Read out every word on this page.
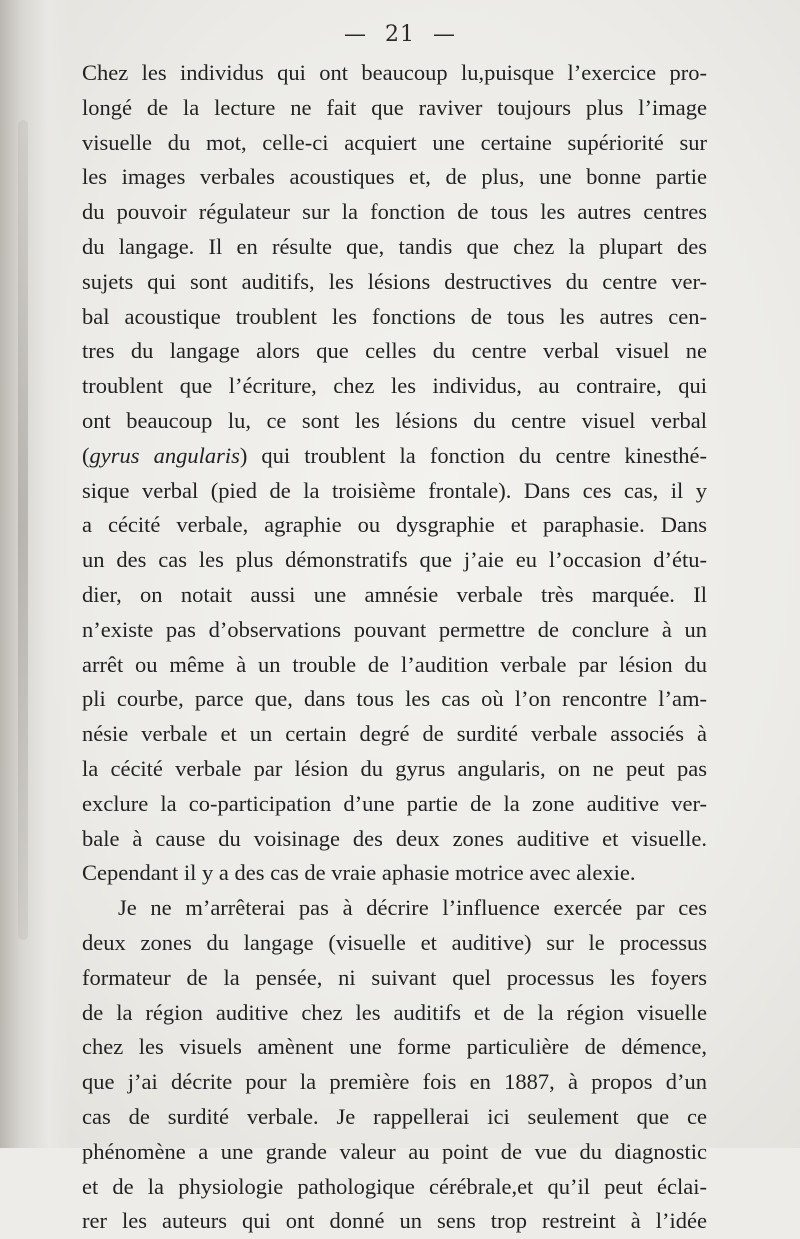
— 21 —
Chez les individus qui ont beaucoup lu,puisque l’exercice pro-
longé de la lecture ne fait que raviver toujours plus l’image
visuelle du mot, celle-ci acquiert une certaine supériorité sur
les images verbales acoustiques et, de plus, une bonne partie
du pouvoir régulateur sur la fonction de tous les autres centres
du langage. Il en résulte que, tandis que chez la plupart des
sujets qui sont auditifs, les lésions destructives du centre ver-
bal acoustique troublent les fonctions de tous les autres cen-
tres du langage alors que celles du centre verbal visuel ne
troublent que l’écriture, chez les individus, au contraire, qui
ont beaucoup lu, ce sont les lésions du centre visuel verbal
(gyrus angularis) qui troublent la fonction du centre kinesthé-
sique verbal (pied de la troisième frontale). Dans ces cas, il y
a cécité verbale, agraphie ou dysgraphie et paraphasie. Dans
un des cas les plus démonstratifs que j’aie eu l’occasion d’étu-
dier, on notait aussi une amnésie verbale très marquée. Il
n’existe pas d’observations pouvant permettre de conclure à un
arrêt ou même à un trouble de l’audition verbale par lésion du
pli courbe, parce que, dans tous les cas où l’on rencontre l’am-
nésie verbale et un certain degré de surdité verbale associés à
la cécité verbale par lésion du gyrus angularis, on ne peut pas
exclure la co-participation d’une partie de la zone auditive ver-
bale à cause du voisinage des deux zones auditive et visuelle.
Cependant il y a des cas de vraie aphasie motrice avec alexie.
Je ne m’arrêterai pas à décrire l’influence exercée par ces
deux zones du langage (visuelle et auditive) sur le processus
formateur de la pensée, ni suivant quel processus les foyers
de la région auditive chez les auditifs et de la région visuelle
chez les visuels amènent une forme particulière de démence,
que j’ai décrite pour la première fois en 1887, à propos d’un
cas de surdité verbale. Je rappellerai ici seulement que ce
phénomène a une grande valeur au point de vue du diagnostic
et de la physiologie pathologique cérébrale,et qu’il peut éclai-
rer les auteurs qui ont donné un sens trop restreint à l’idée
